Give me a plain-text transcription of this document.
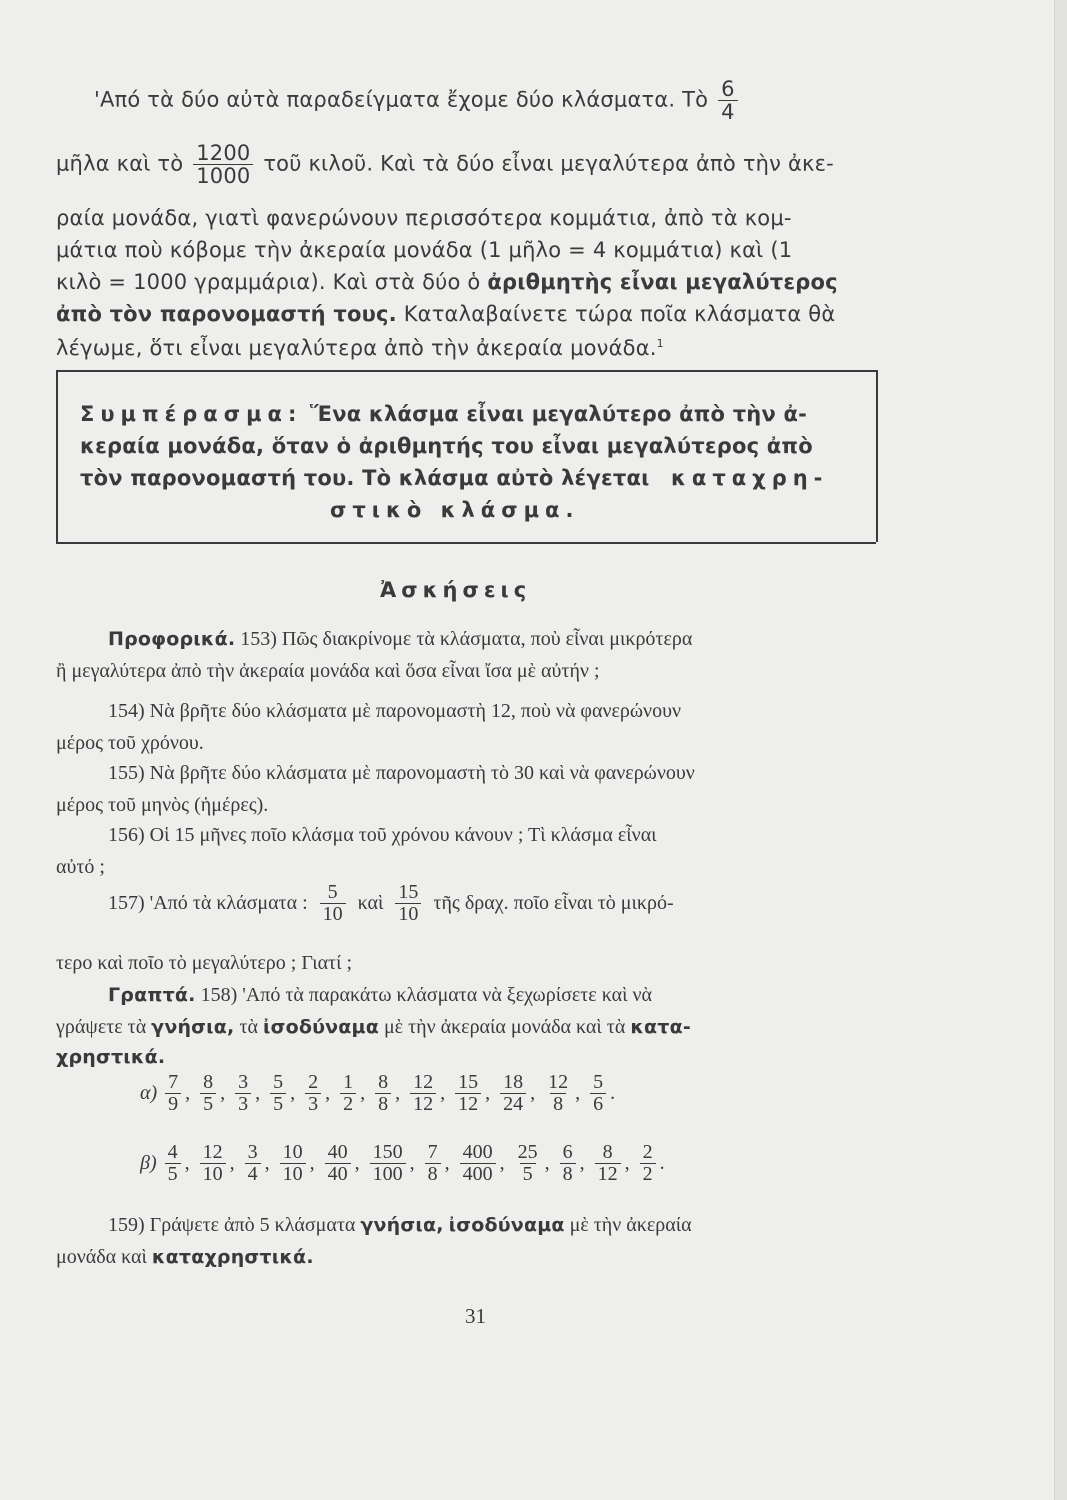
'Από τὰ δύο αὐτὰ παραδείγματα ἔχομε δύο κλάσματα. Τὸ $\frac{6}{4}$
μῆλα καὶ τὸ $\frac{1200}{1000}$ τοῦ κιλοῦ. Καὶ τὰ δύο εἶναι μεγαλύτερα ἀπὸ τὴν ἀκε-
ραία μονάδα, γιατὶ φανερώνουν περισσότερα κομμάτια, ἀπὸ τὰ κομ-
μάτια ποὺ κόβομε τὴν ἀκεραία μονάδα (1 μῆλο = 4 κομμάτια) καὶ (1
κιλὸ = 1000 γραμμάρια). Καὶ στὰ δύο ὁ ἀριθμητὴς εἶναι μεγαλύτερος
ἀπὸ τὸν παρονομαστή τους. Καταλαβαίνετε τώρα ποῖα κλάσματα θὰ
λέγωμε, ὅτι εἶναι μεγαλύτερα ἀπὸ τὴν ἀκεραία μονάδα.$^1$
Συμπέρασμα: Ἕνα κλάσμα εἶναι μεγαλύτερο ἀπὸ τὴν ἀ-
κεραία μονάδα, ὅταν ὁ ἀριθμητής του εἶναι μεγαλύτερος ἀπὸ
τὸν παρονομαστή του. Τὸ κλάσμα αὐτὸ λέγεται καταχρη-
στικὸ κλάσμα.
Ἀσκήσεις
Προφορικά. 153) Πῶς διακρίνομε τὰ κλάσματα, ποὺ εἶναι μικρότερα
ἢ μεγαλύτερα ἀπὸ τὴν ἀκεραία μονάδα καὶ ὅσα εἶναι ἴσα μὲ αὐτήν ;
154) Νὰ βρῆτε δύο κλάσματα μὲ παρονομαστὴ 12, ποὺ νὰ φανερώνουν
μέρος τοῦ χρόνου.
155) Νὰ βρῆτε δύο κλάσματα μὲ παρονομαστὴ τὸ 30 καὶ νὰ φανερώνουν
μέρος τοῦ μηνὸς (ἡμέρες).
156) Οἱ 15 μῆνες ποῖο κλάσμα τοῦ χρόνου κάνουν ; Τὶ κλάσμα εἶναι
αὐτό ;
157) 'Από τὰ κλάσματα : $\frac{5}{10}$ καὶ $\frac{15}{10}$ τῆς δραχ. ποῖο εἶναι τὸ μικρό-
τερο καὶ ποῖο τὸ μεγαλύτερο ; Γιατί ;
Γραπτά. 158) 'Από τὰ παρακάτω κλάσματα νὰ ξεχωρίσετε καὶ νὰ
γράψετε τὰ γνήσια, τὰ ἰσοδύναμα μὲ τὴν ἀκεραία μονάδα καὶ τὰ κατα-
χρηστικά.
$\alpha) \frac{7}{9}$ , $\frac{8}{5}$ , $\frac{3}{3}$ , $\frac{5}{5}$ , $\frac{2}{3}$ , $\frac{1}{2}$ , $\frac{8}{8}$ , $\frac{12}{12}$ , $\frac{15}{12}$ , $\frac{18}{24}$ , $\frac{12}{8}$ , $\frac{5}{6}$ .
$\beta) \frac{4}{5}$ , $\frac{12}{10}$ , $\frac{3}{4}$ , $\frac{10}{10}$ , $\frac{40}{40}$ , $\frac{150}{100}$ , $\frac{7}{8}$ , $\frac{400}{400}$ , $\frac{25}{5}$ , $\frac{6}{8}$ , $\frac{8}{12}$ , $\frac{2}{2}$ .
159) Γράψετε ἀπὸ 5 κλάσματα γνήσια, ἰσοδύναμα μὲ τὴν ἀκεραία
μονάδα καὶ καταχρηστικά.
31
